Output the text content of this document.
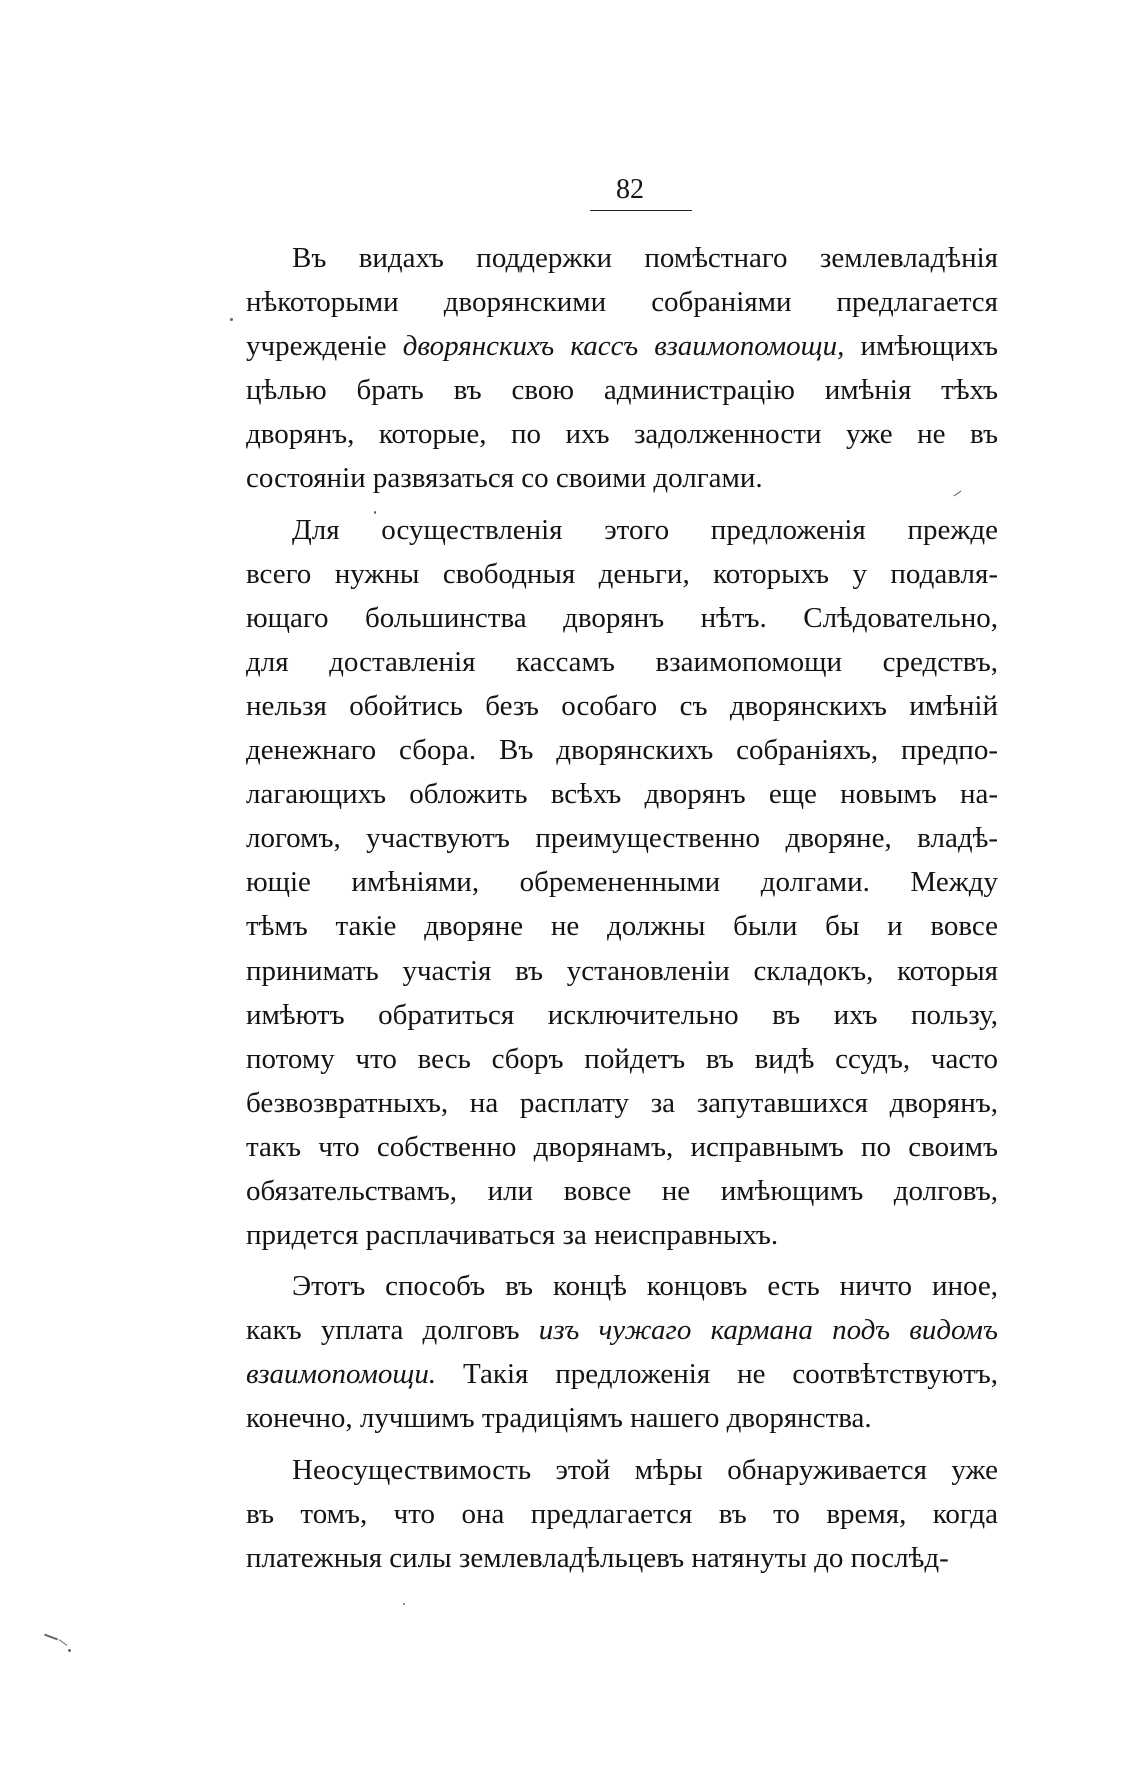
82
Въ видахъ поддержки помѣстнаго землевладѣнія
нѣкоторыми дворянскими собраніями предлагается
учрежденіе дворянскихъ кассъ взаимопомощи, имѣющихъ
цѣлью брать въ свою администрацію имѣнія тѣхъ
дворянъ, которые, по ихъ задолженности уже не въ
состояніи развязаться со своими долгами.
Для осуществленія этого предложенія прежде
всего нужны свободныя деньги, которыхъ у подавля-
ющаго большинства дворянъ нѣтъ. Слѣдовательно,
для доставленія кассамъ взаимопомощи средствъ,
нельзя обойтись безъ особаго съ дворянскихъ имѣній
денежнаго сбора. Въ дворянскихъ собраніяхъ, предпо-
лагающихъ обложить всѣхъ дворянъ еще новымъ на-
логомъ, участвуютъ преимущественно дворяне, владѣ-
ющіе имѣніями, обремененными долгами. Между
тѣмъ такіе дворяне не должны были бы и вовсе
принимать участія въ установленіи складокъ, которыя
имѣютъ обратиться исключительно въ ихъ пользу,
потому что весь сборъ пойдетъ въ видѣ ссудъ, часто
безвозвратныхъ, на расплату за запутавшихся дворянъ,
такъ что собственно дворянамъ, исправнымъ по своимъ
обязательствамъ, или вовсе не имѣющимъ долговъ,
придется расплачиваться за неисправныхъ.
Этотъ способъ въ концѣ концовъ есть ничто иное,
какъ уплата долговъ изъ чужаго кармана подъ видомъ
взаимопомощи. Такія предложенія не соотвѣтствуютъ,
конечно, лучшимъ традиціямъ нашего дворянства.
Неосуществимость этой мѣры обнаруживается уже
въ томъ, что она предлагается въ то время, когда
платежныя силы землевладѣльцевъ натянуты до послѣд-
